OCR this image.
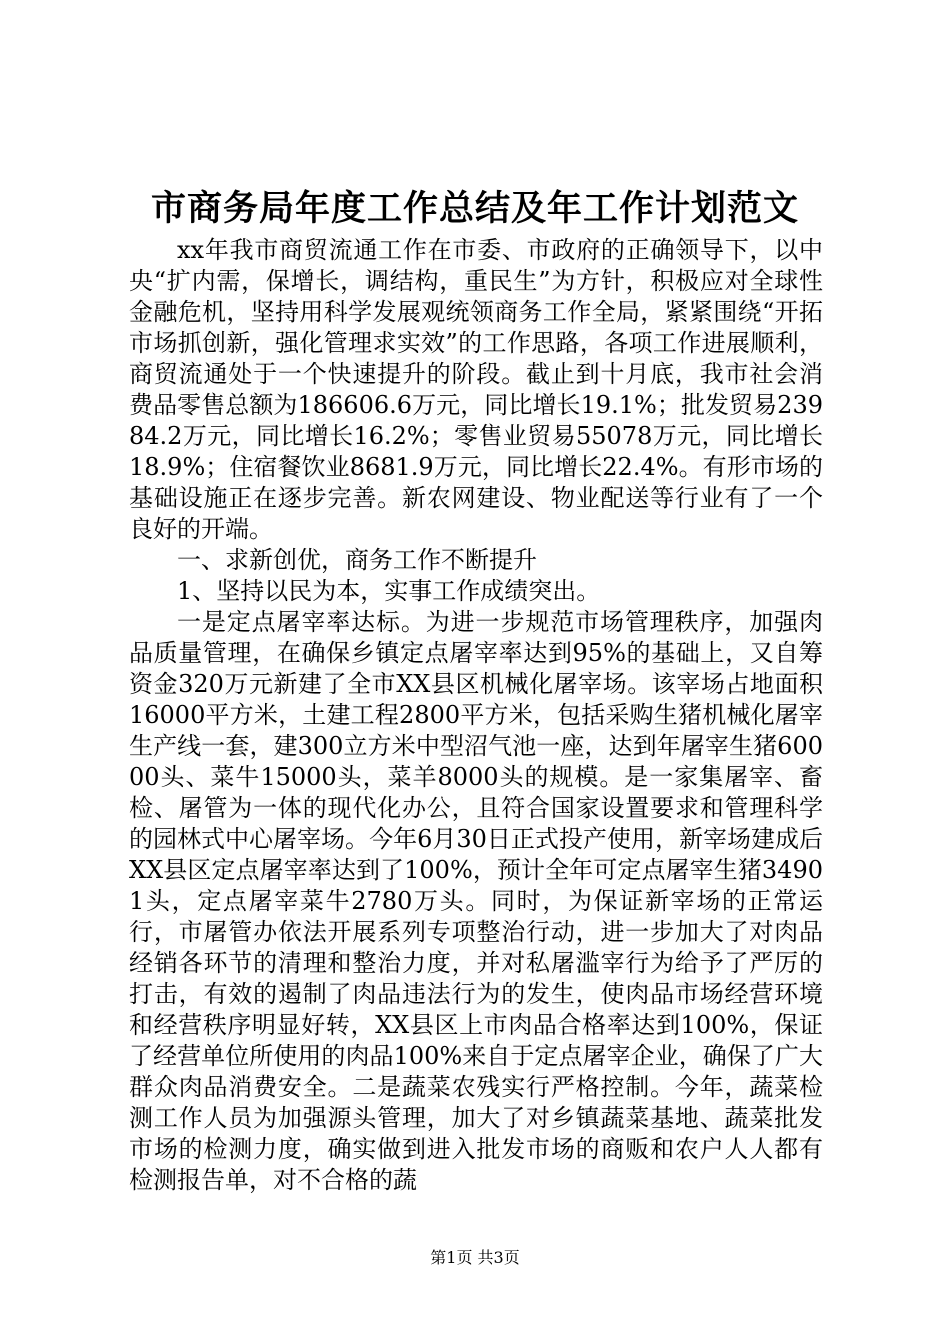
市商务局年度工作总结及年工作计划范文

xx年我市商贸流通工作在市委、市政府的正确领导下，以中央“扩内需，保增长，调结构，重民生”为方针，积极应对全球性金融危机，坚持用科学发展观统领商务工作全局，紧紧围绕“开拓市场抓创新，强化管理求实效”的工作思路，各项工作进展顺利，商贸流通处于一个快速提升的阶段。截止到十月底，我市社会消费品零售总额为186606.6万元，同比增长19.1%；批发贸易23984.2万元，同比增长16.2%；零售业贸易55078万元，同比增长18.9%；住宿餐饮业8681.9万元，同比增长22.4%。有形市场的基础设施正在逐步完善。新农网建设、物业配送等行业有了一个良好的开端。

一、求新创优，商务工作不断提升

1、坚持以民为本，实事工作成绩突出。

一是定点屠宰率达标。为进一步规范市场管理秩序，加强肉品质量管理，在确保乡镇定点屠宰率达到95%的基础上，又自筹资金320万元新建了全市XX县区机械化屠宰场。该宰场占地面积16000平方米，土建工程2800平方米，包括采购生猪机械化屠宰生产线一套，建300立方米中型沼气池一座，达到年屠宰生猪60000头、菜牛15000头，菜羊8000头的规模。是一家集屠宰、畜检、屠管为一体的现代化办公，且符合国家设置要求和管理科学的园林式中心屠宰场。今年6月30日正式投产使用，新宰场建成后XX县区定点屠宰率达到了100%，预计全年可定点屠宰生猪34901头，定点屠宰菜牛2780万头。同时，为保证新宰场的正常运行，市屠管办依法开展系列专项整治行动，进一步加大了对肉品经销各环节的清理和整治力度，并对私屠滥宰行为给予了严厉的打击，有效的遏制了肉品违法行为的发生，使肉品市场经营环境和经营秩序明显好转，XX县区上市肉品合格率达到100%，保证了经营单位所使用的肉品100%来自于定点屠宰企业，确保了广大群众肉品消费安全。二是蔬菜农残实行严格控制。今年，蔬菜检测工作人员为加强源头管理，加大了对乡镇蔬菜基地、蔬菜批发市场的检测力度，确实做到进入批发市场的商贩和农户人人都有检测报告单，对不合格的蔬

第1页 共3页
